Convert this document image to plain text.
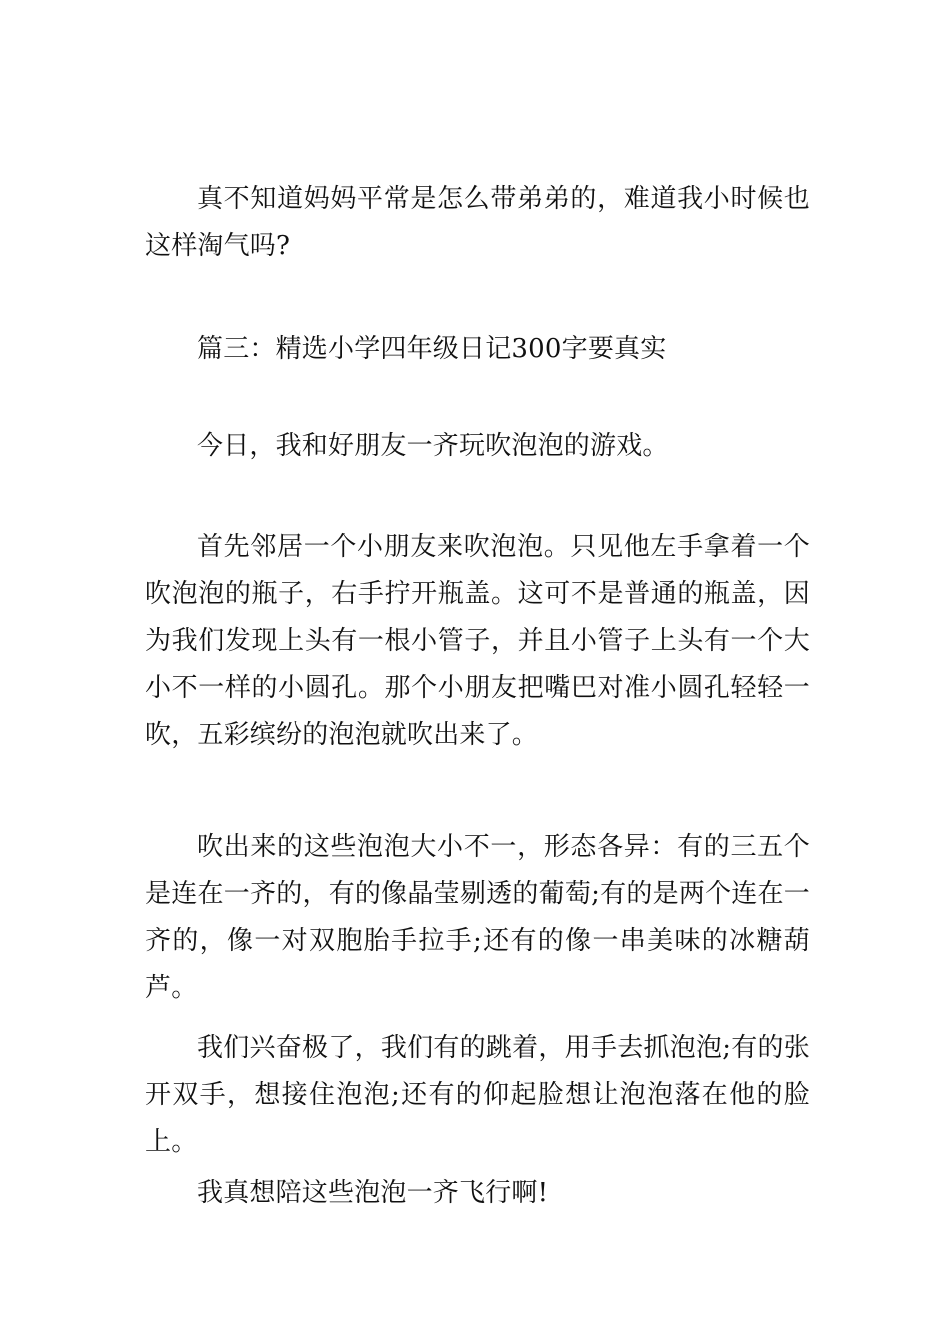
真不知道妈妈平常是怎么带弟弟的，难道我小时候也这样淘气吗?

篇三：精选小学四年级日记300字要真实

今日，我和好朋友一齐玩吹泡泡的游戏。

首先邻居一个小朋友来吹泡泡。只见他左手拿着一个吹泡泡的瓶子，右手拧开瓶盖。这可不是普通的瓶盖，因为我们发现上头有一根小管子，并且小管子上头有一个大小不一样的小圆孔。那个小朋友把嘴巴对准小圆孔轻轻一吹，五彩缤纷的泡泡就吹出来了。

吹出来的这些泡泡大小不一，形态各异：有的三五个是连在一齐的，有的像晶莹剔透的葡萄;有的是两个连在一齐的，像一对双胞胎手拉手;还有的像一串美味的冰糖葫芦。

我们兴奋极了，我们有的跳着，用手去抓泡泡;有的张开双手，想接住泡泡;还有的仰起脸想让泡泡落在他的脸上。

我真想陪这些泡泡一齐飞行啊!
